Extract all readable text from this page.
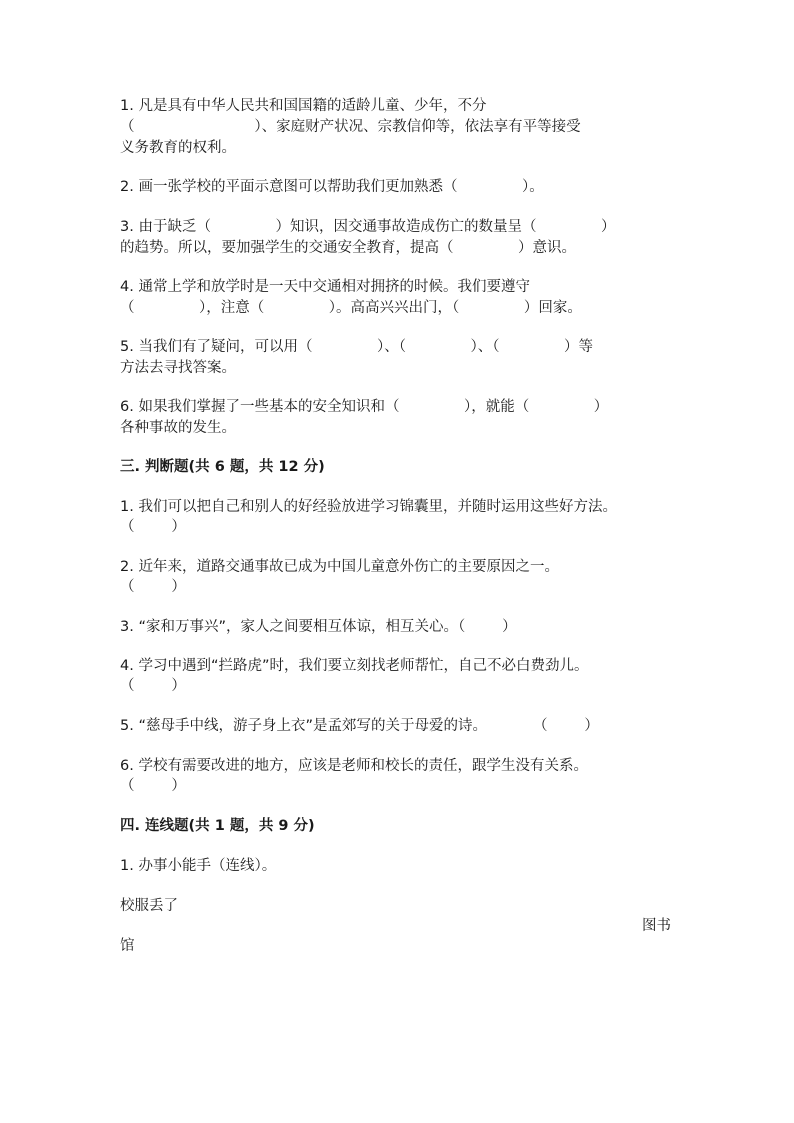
1. 凡是具有中华人民共和国国籍的适龄儿童、少年，不分
（                          ）、家庭财产状况、宗教信仰等，依法享有平等接受
义务教育的权利。
2. 画一张学校的平面示意图可以帮助我们更加熟悉（              ）。
3. 由于缺乏（              ）知识，因交通事故造成伤亡的数量呈（              ）
的趋势。所以，要加强学生的交通安全教育，提高（              ）意识。
4. 通常上学和放学时是一天中交通相对拥挤的时候。我们要遵守
（              ），注意（              ）。高高兴兴出门，（              ）回家。
5. 当我们有了疑问，可以用（              ）、（              ）、（              ）等
方法去寻找答案。
6. 如果我们掌握了一些基本的安全知识和（              ），就能（              ）
各种事故的发生。
三. 判断题(共 6 题，共 12 分)
1. 我们可以把自己和别人的好经验放进学习锦囊里，并随时运用这些好方法。
（        ）
2. 近年来，道路交通事故已成为中国儿童意外伤亡的主要原因之一。
（        ）
3. “家和万事兴”，家人之间要相互体谅，相互关心。（        ）
4. 学习中遇到“拦路虎”时，我们要立刻找老师帮忙，自己不必白费劲儿。
（        ）
5. “慈母手中线，游子身上衣”是孟郊写的关于母爱的诗。          （        ）
6. 学校有需要改进的地方，应该是老师和校长的责任，跟学生没有关系。
（        ）
四. 连线题(共 1 题，共 9 分)
1. 办事小能手（连线）。
校服丢了
图书
馆
